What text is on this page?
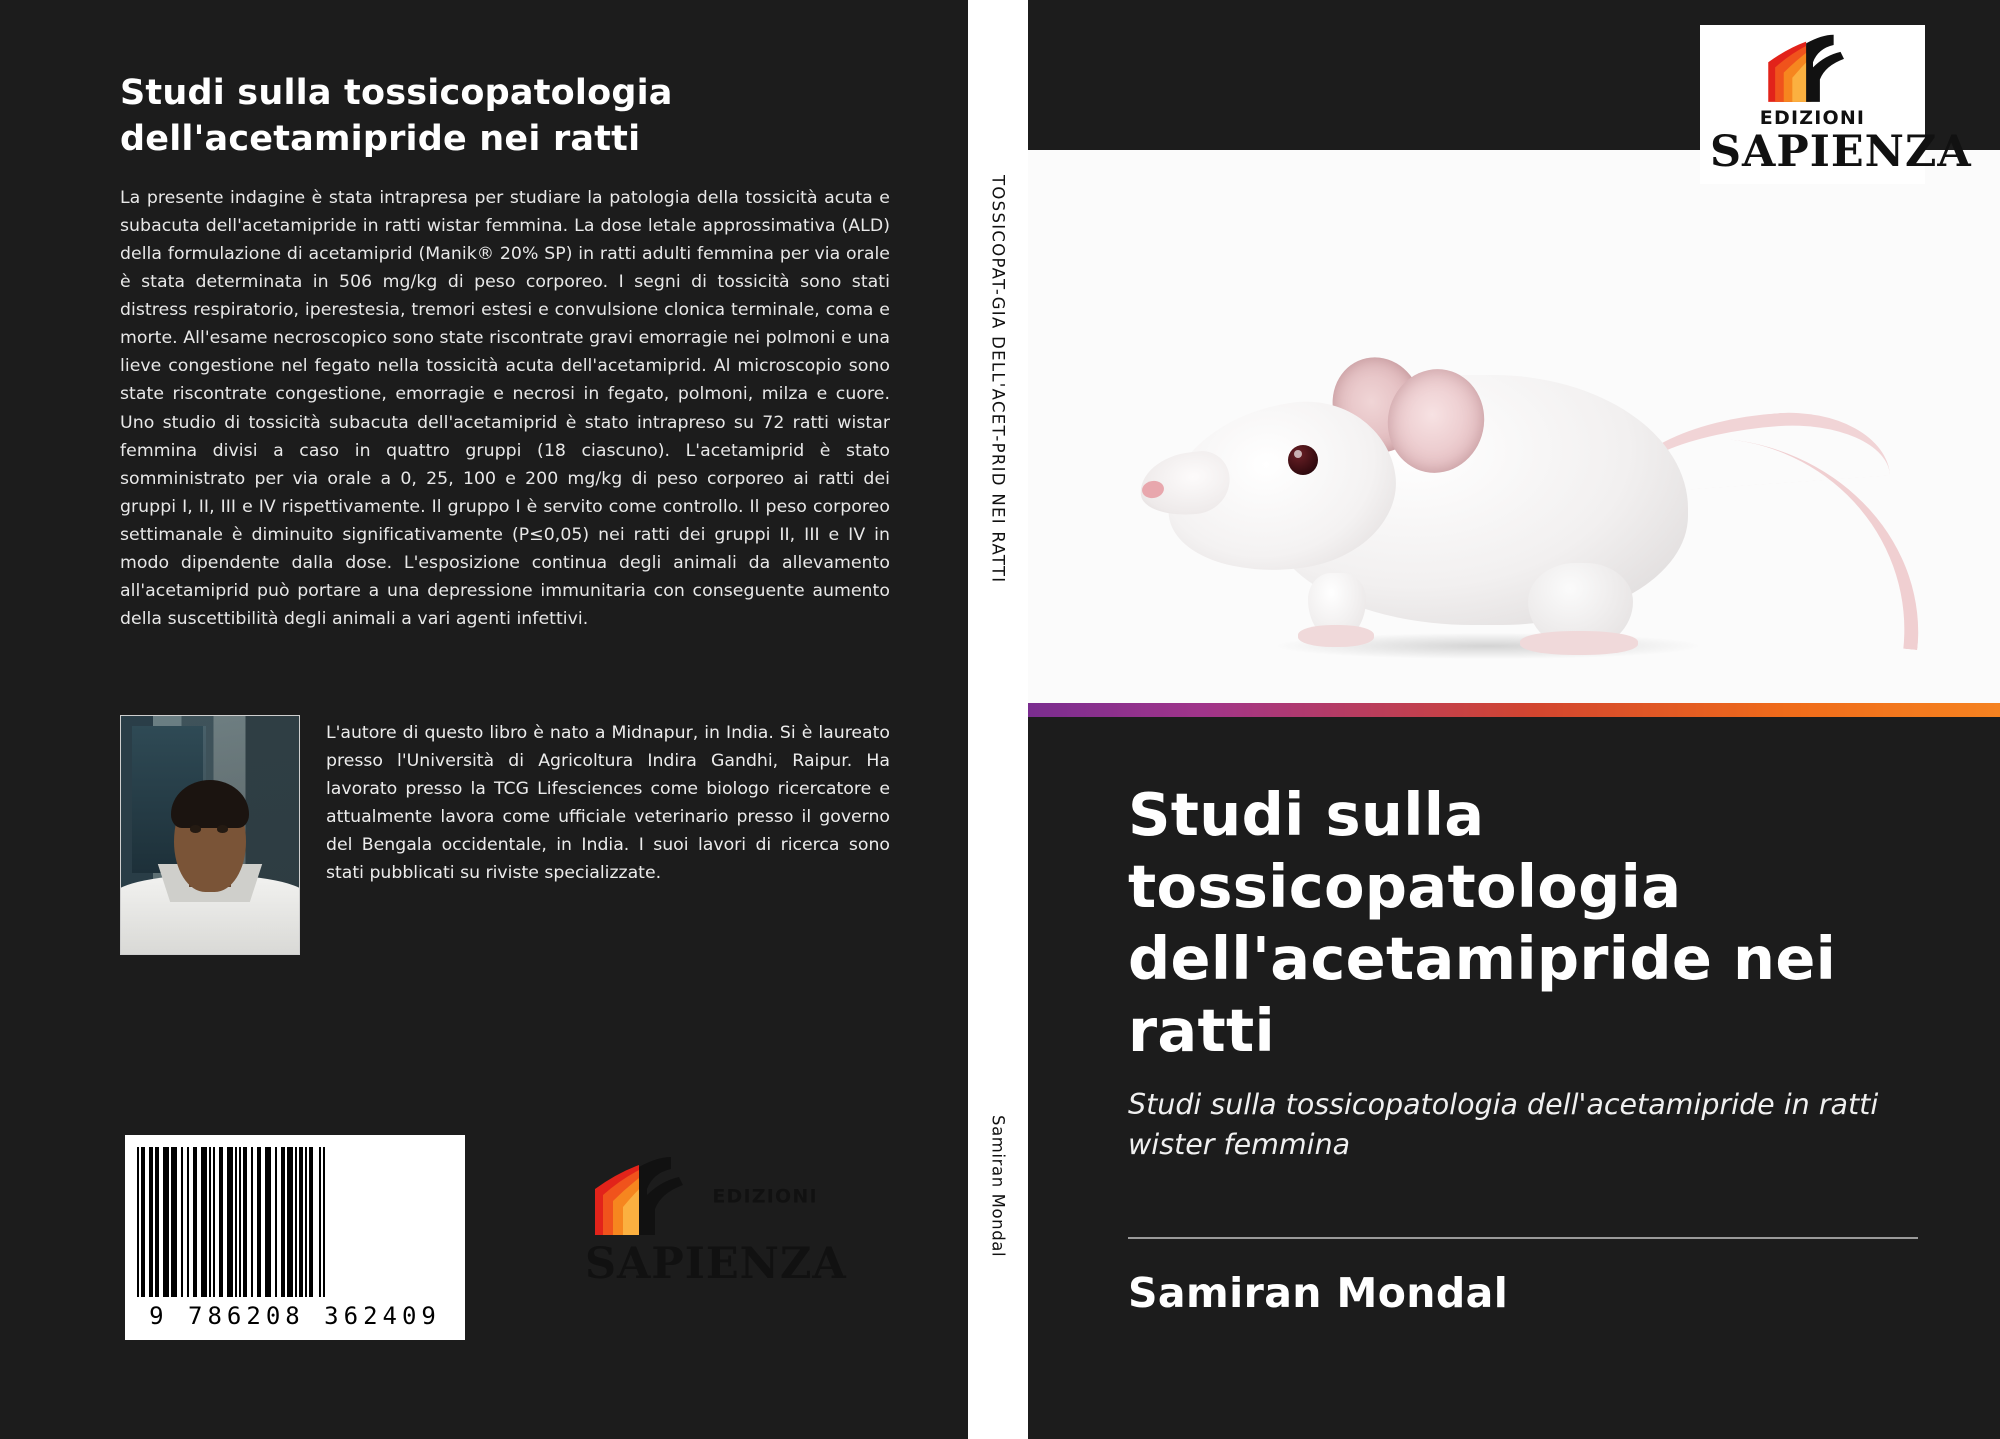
Studi sulla tossicopatologia dell'acetamipride nei ratti
La presente indagine è stata intrapresa per studiare la patologia della tossicità acuta e subacuta dell'acetamipride in ratti wistar femmina. La dose letale approssimativa (ALD) della formulazione di acetamiprid (Manik® 20% SP) in ratti adulti femmina per via orale è stata determinata in 506 mg/kg di peso corporeo. I segni di tossicità sono stati distress respiratorio, iperestesia, tremori estesi e convulsione clonica terminale, coma e morte. All'esame necroscopico sono state riscontrate gravi emorragie nei polmoni e una lieve congestione nel fegato nella tossicità acuta dell'acetamiprid. Al microscopio sono state riscontrate congestione, emorragie e necrosi in fegato, polmoni, milza e cuore. Uno studio di tossicità subacuta dell'acetamiprid è stato intrapreso su 72 ratti wistar femmina divisi a caso in quattro gruppi (18 ciascuno). L'acetamiprid è stato somministrato per via orale a 0, 25, 100 e 200 mg/kg di peso corporeo ai ratti dei gruppi I, II, III e IV rispettivamente. Il gruppo I è servito come controllo. Il peso corporeo settimanale è diminuito significativamente (P≤0,05) nei ratti dei gruppi II, III e IV in modo dipendente dalla dose. L'esposizione continua degli animali da allevamento all'acetamiprid può portare a una depressione immunitaria con conseguente aumento della suscettibilità degli animali a vari agenti infettivi.
L'autore di questo libro è nato a Midnapur, in India. Si è laureato presso l'Università di Agricoltura Indira Gandhi, Raipur. Ha lavorato presso la TCG Lifesciences come biologo ricercatore e attualmente lavora come ufficiale veterinario presso il governo del Bengala occidentale, in India. I suoi lavori di ricerca sono stati pubblicati su riviste specializzate.
9 786208 362409
EDIZIONI
SAPIENZA
TOSSICOPAT-GIA DELL'ACET-PRID NEI RATTI
Samiran Mondal
EDIZIONI
SAPIENZA
Studi sulla tossicopatologia dell'acetamipride nei ratti
Studi sulla tossicopatologia dell'acetamipride in ratti wister femmina
Samiran Mondal
